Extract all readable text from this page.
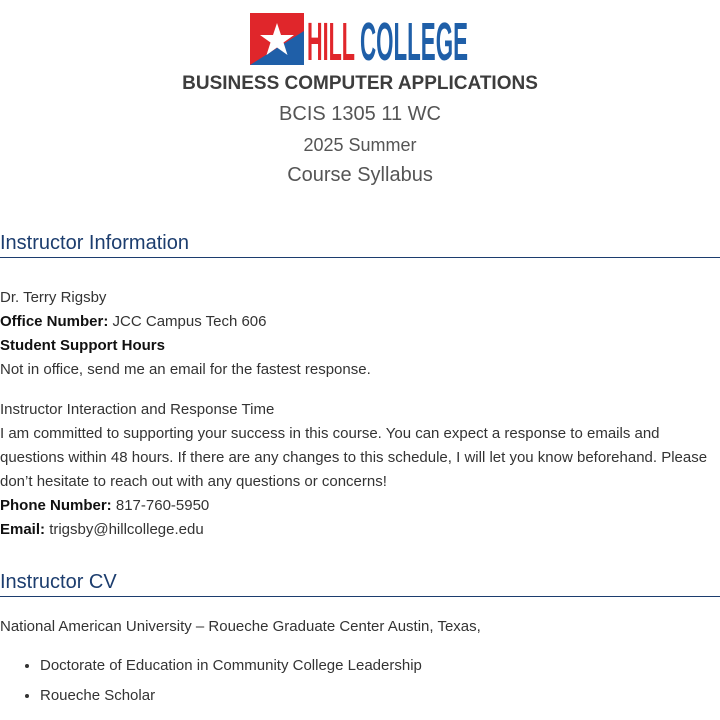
HILL COLLEGE
BUSINESS COMPUTER APPLICATIONS
BCIS 1305 11 WC
2025 Summer
Course Syllabus
Instructor Information
Dr. Terry Rigsby
Office Number: JCC Campus Tech 606
Student Support Hours
Not in office, send me an email for the fastest response.
Instructor Interaction and Response Time
I am committed to supporting your success in this course. You can expect a response to emails and questions within 48 hours. If there are any changes to this schedule, I will let you know beforehand. Please don’t hesitate to reach out with any questions or concerns!
Phone Number: 817-760-5950
Email: trigsby@hillcollege.edu
Instructor CV
National American University – Roueche Graduate Center Austin, Texas,
• Doctorate of Education in Community College Leadership
• Roueche Scholar
